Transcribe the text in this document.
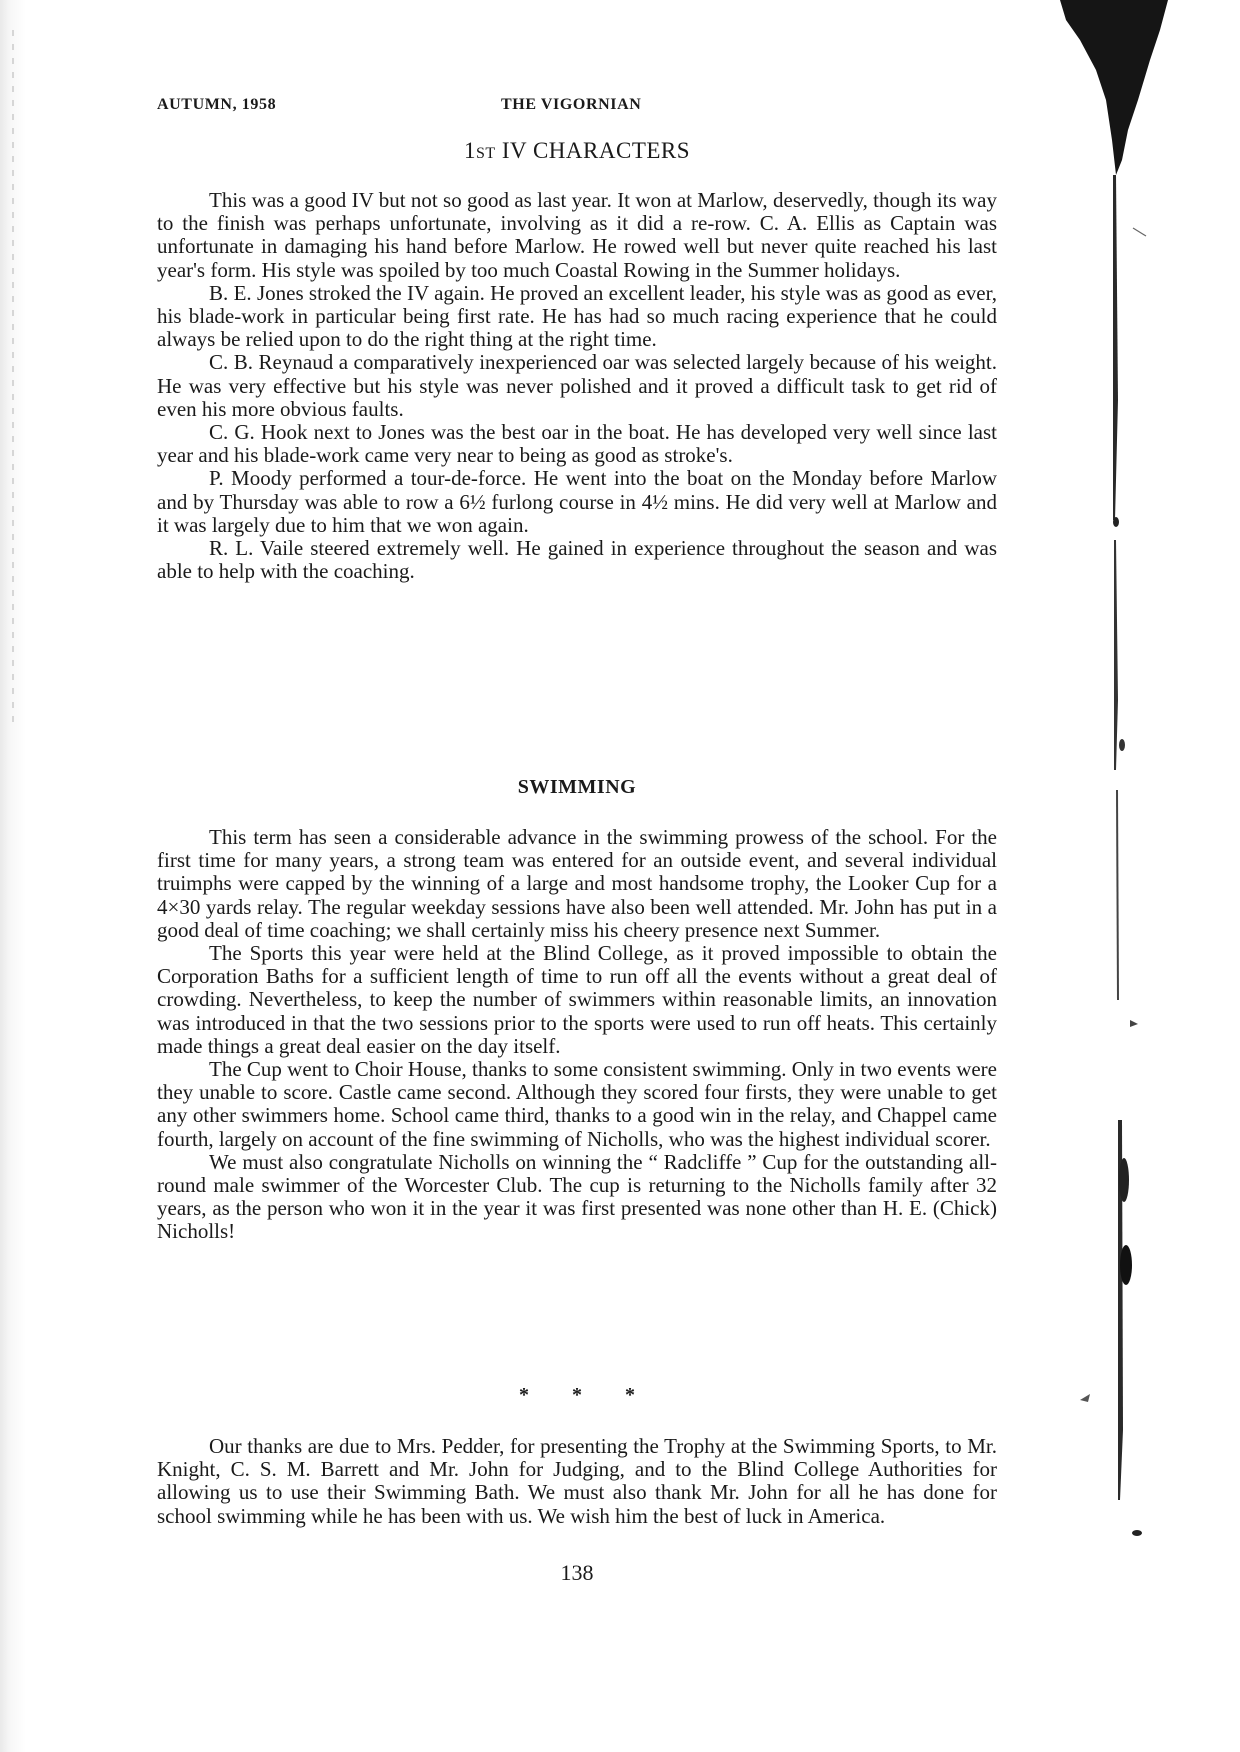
AUTUMN, 1958	THE VIGORNIAN
1st IV CHARACTERS

This was a good IV but not so good as last year. It won at Marlow, deservedly, though its way to the finish was perhaps unfortunate, involving as it did a re-row. C. A. Ellis as Captain was unfortunate in damaging his hand before Marlow. He rowed well but never quite reached his last year's form. His style was spoiled by too much Coastal Rowing in the Summer holidays.

B. E. Jones stroked the IV again. He proved an excellent leader, his style was as good as ever, his blade-work in particular being first rate. He has had so much racing experience that he could always be relied upon to do the right thing at the right time.

C. B. Reynaud a comparatively inexperienced oar was selected largely because of his weight. He was very effective but his style was never polished and it proved a difficult task to get rid of even his more obvious faults.

C. G. Hook next to Jones was the best oar in the boat. He has developed very well since last year and his blade-work came very near to being as good as stroke's.

P. Moody performed a tour-de-force. He went into the boat on the Monday before Marlow and by Thursday was able to row a 6½ furlong course in 4½ mins. He did very well at Marlow and it was largely due to him that we won again.

R. L. Vaile steered extremely well. He gained in experience throughout the season and was able to help with the coaching.

SWIMMING

This term has seen a considerable advance in the swimming prowess of the school. For the first time for many years, a strong team was entered for an outside event, and several individual truimphs were capped by the winning of a large and most handsome trophy, the Looker Cup for a 4×30 yards relay. The regular weekday sessions have also been well attended. Mr. John has put in a good deal of time coaching; we shall certainly miss his cheery presence next Summer.

The Sports this year were held at the Blind College, as it proved impossible to obtain the Corporation Baths for a sufficient length of time to run off all the events without a great deal of crowding. Nevertheless, to keep the number of swimmers within reasonable limits, an innovation was introduced in that the two sessions prior to the sports were used to run off heats. This certainly made things a great deal easier on the day itself.

The Cup went to Choir House, thanks to some consistent swimming. Only in two events were they unable to score. Castle came second. Although they scored four firsts, they were unable to get any other swimmers home. School came third, thanks to a good win in the relay, and Chappel came fourth, largely on account of the fine swimming of Nicholls, who was the highest individual scorer.

We must also congratulate Nicholls on winning the “ Radcliffe ” Cup for the outstanding all-round male swimmer of the Worcester Club. The cup is returning to the Nicholls family after 32 years, as the person who won it in the year it was first presented was none other than H. E. (Chick) Nicholls!

* * *

Our thanks are due to Mrs. Pedder, for presenting the Trophy at the Swimming Sports, to Mr. Knight, C. S. M. Barrett and Mr. John for Judging, and to the Blind College Authorities for allowing us to use their Swimming Bath. We must also thank Mr. John for all he has done for school swimming while he has been with us. We wish him the best of luck in America.

138
